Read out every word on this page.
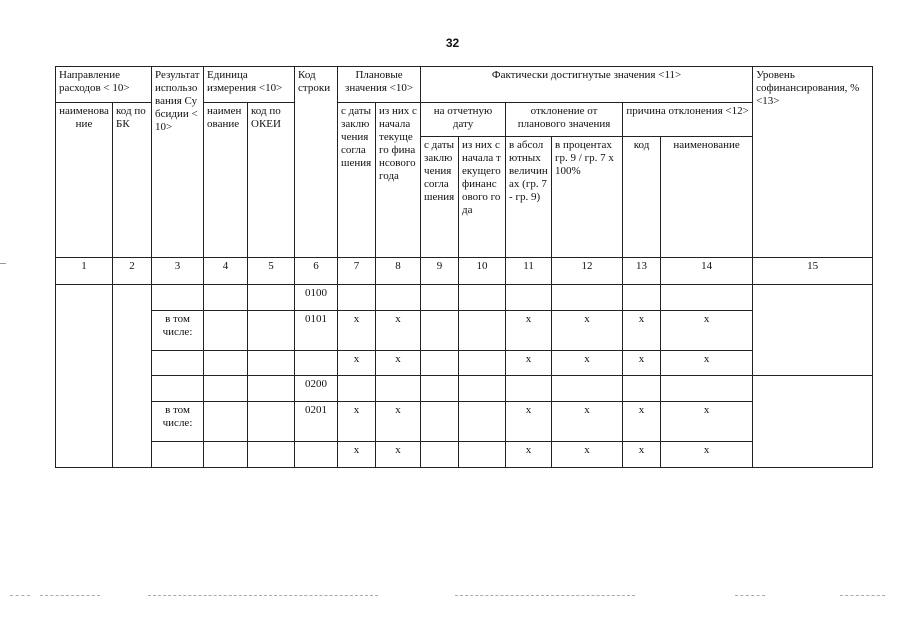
32
Направление расходов < 10>		Результат использования Субсидии <10>	Единица измерения <10>		Код строки	Плановые значения <10>		Фактически достигнутые значения <11>						Уровень софинансирования, % <13>
наименование	код по БК		наименование	код по ОКЕИ		с даты заключения соглашения	из них с начала текущего финансового года	на отчетную дату		отклонение от планового значения		причина отклонения <12>		
								с даты заключения соглашения	из них с начала текущего финансового года	в абсолютных величинах (гр. 7 - гр. 9)	в процентах гр. 9 / гр. 7 х 100%	код	наименование	
1	2	3	4	5	6	7	8	9	10	11	12	13	14	15
					0100									
		в том числе:			0101	х	х			х	х	х	х	
						х	х			х	х	х	х	
					0200									
		в том числе:			0201	х	х			х	х	х	х	
						х	х			х	х	х	х	
